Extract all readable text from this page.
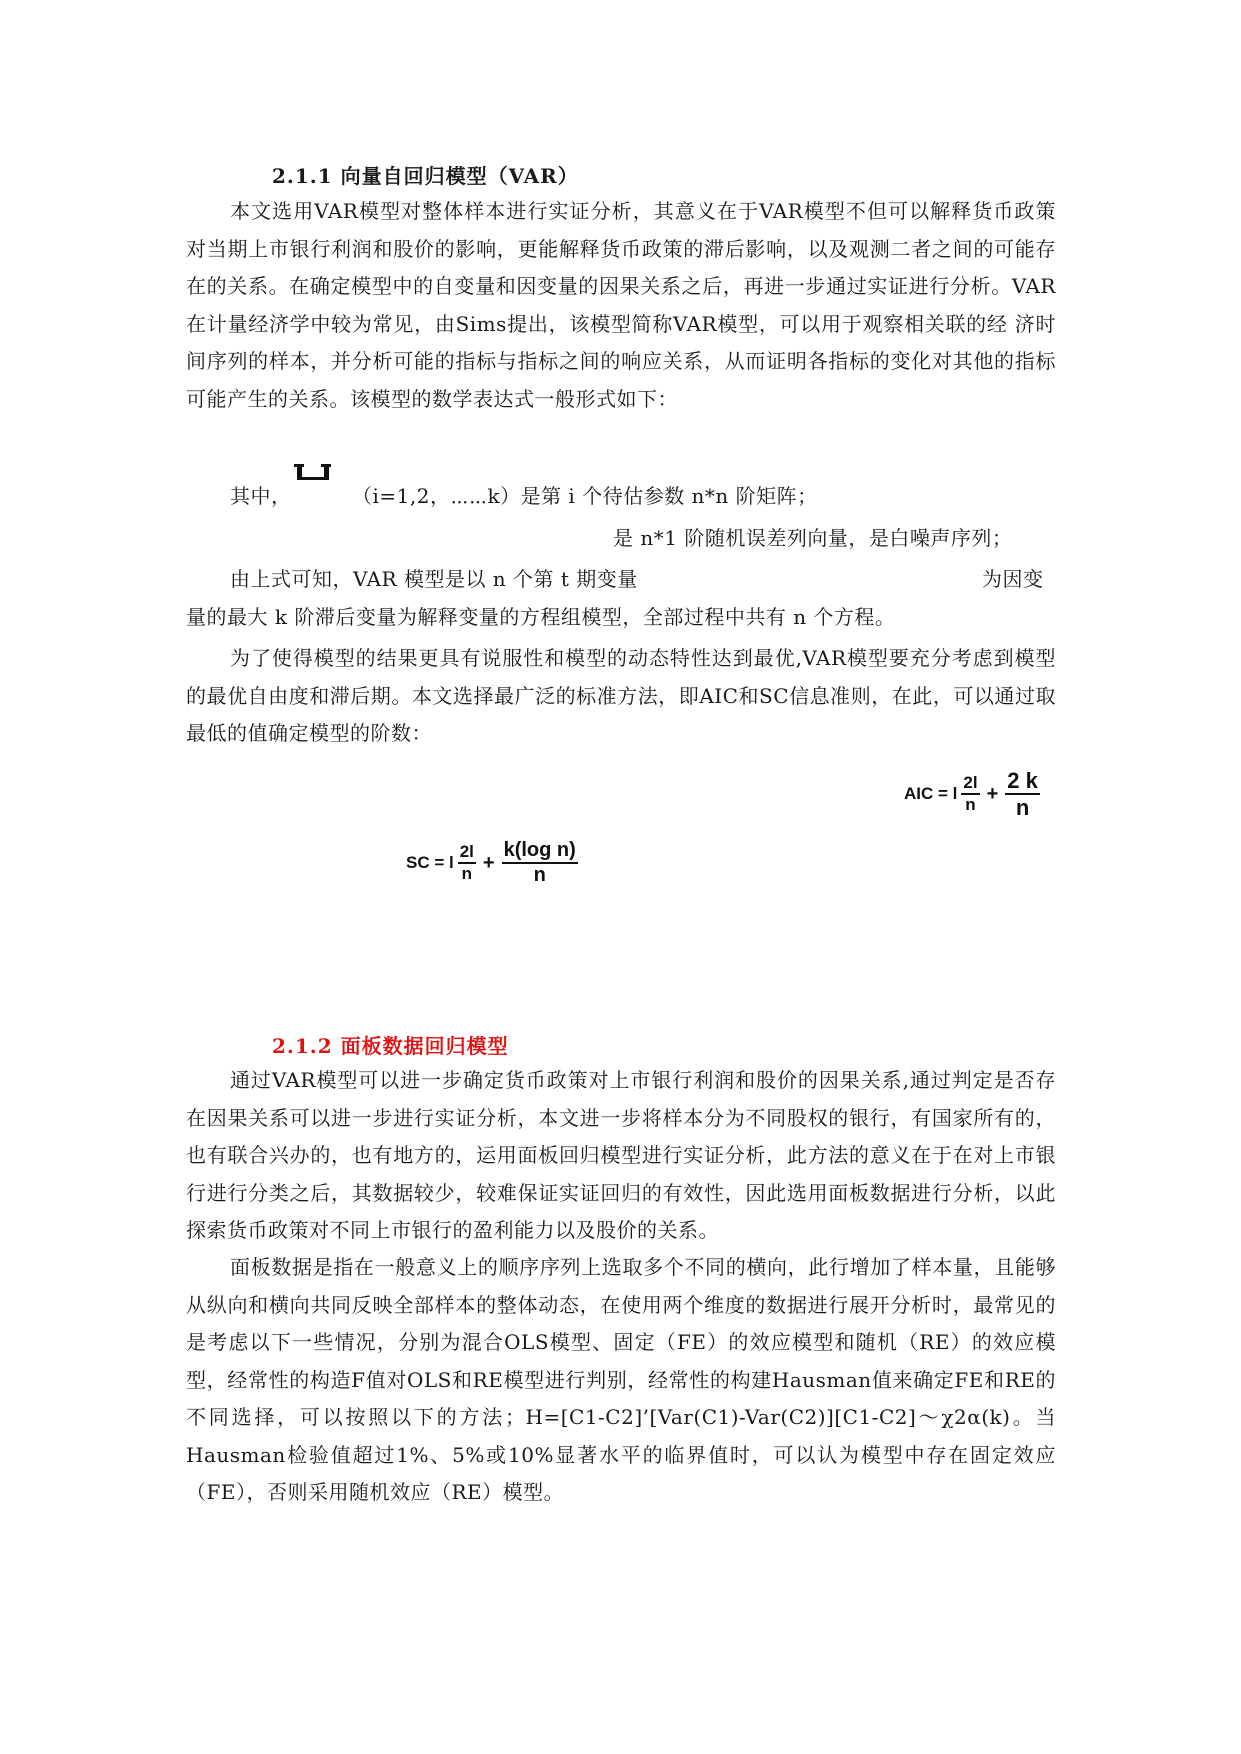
2.1.1 向量自回归模型（VAR）
本文选用VAR模型对整体样本进行实证分析，其意义在于VAR模型不但可以解释货币政策对当期上市银行利润和股价的影响，更能解释货币政策的滞后影响，以及观测二者之间的可能存在的关系。在确定模型中的自变量和因变量的因果关系之后，再进一步通过实证进行分析。VAR在计量经济学中较为常见，由Sims提出，该模型简称VAR模型，可以用于观察相关联的经 济时间序列的样本，并分析可能的指标与指标之间的响应关系，从而证明各指标的变化对其他的指标可能产生的关系。该模型的数学表达式一般形式如下：
其中，	（i=1,2，⋯⋯k）是第 i 个待估参数 n*n 阶矩阵；
是 n*1 阶随机误差列向量，是白噪声序列；
由上式可知，VAR 模型是以 n 个第 t 期变量	为因变
量的最大 k 阶滞后变量为解释变量的方程组模型，全部过程中共有 n 个方程。
为了使得模型的结果更具有说服性和模型的动态特性达到最优,VAR模型要充分考虑到模型的最优自由度和滞后期。本文选择最广泛的标准方法，即AIC和SC信息准则，在此，可以通过取最低的值确定模型的阶数：
AIC = l $\frac{2l}{n} + \frac{2 k}{n}$
SC = l $\frac{2l}{n} + \frac{\text{k(log n)}}{n}$
2.1.2 面板数据回归模型
通过VAR模型可以进一步确定货币政策对上市银行利润和股价的因果关系,通过判定是否存在因果关系可以进一步进行实证分析，本文进一步将样本分为不同股权的银行，有国家所有的，也有联合兴办的，也有地方的，运用面板回归模型进行实证分析，此方法的意义在于在对上市银行进行分类之后，其数据较少，较难保证实证回归的有效性，因此选用面板数据进行分析，以此探索货币政策对不同上市银行的盈利能力以及股价的关系。
面板数据是指在一般意义上的顺序序列上选取多个不同的横向，此行增加了样本量，且能够从纵向和横向共同反映全部样本的整体动态，在使用两个维度的数据进行展开分析时，最常见的是考虑以下一些情况，分别为混合OLS模型、固定（FE）的效应模型和随机（RE）的效应模型，经常性的构造F值对OLS和RE模型进行判别，经常性的构建Hausman值来确定FE和RE的不同选择，可以按照以下的方法；H=[C1-C2]’[Var(C1)-Var(C2)][C1-C2]～χ2α(k)。当Hausman检验值超过1%、5%或10%显著水平的临界值时，可以认为模型中存在固定效应（FE），否则采用随机效应（RE）模型。
